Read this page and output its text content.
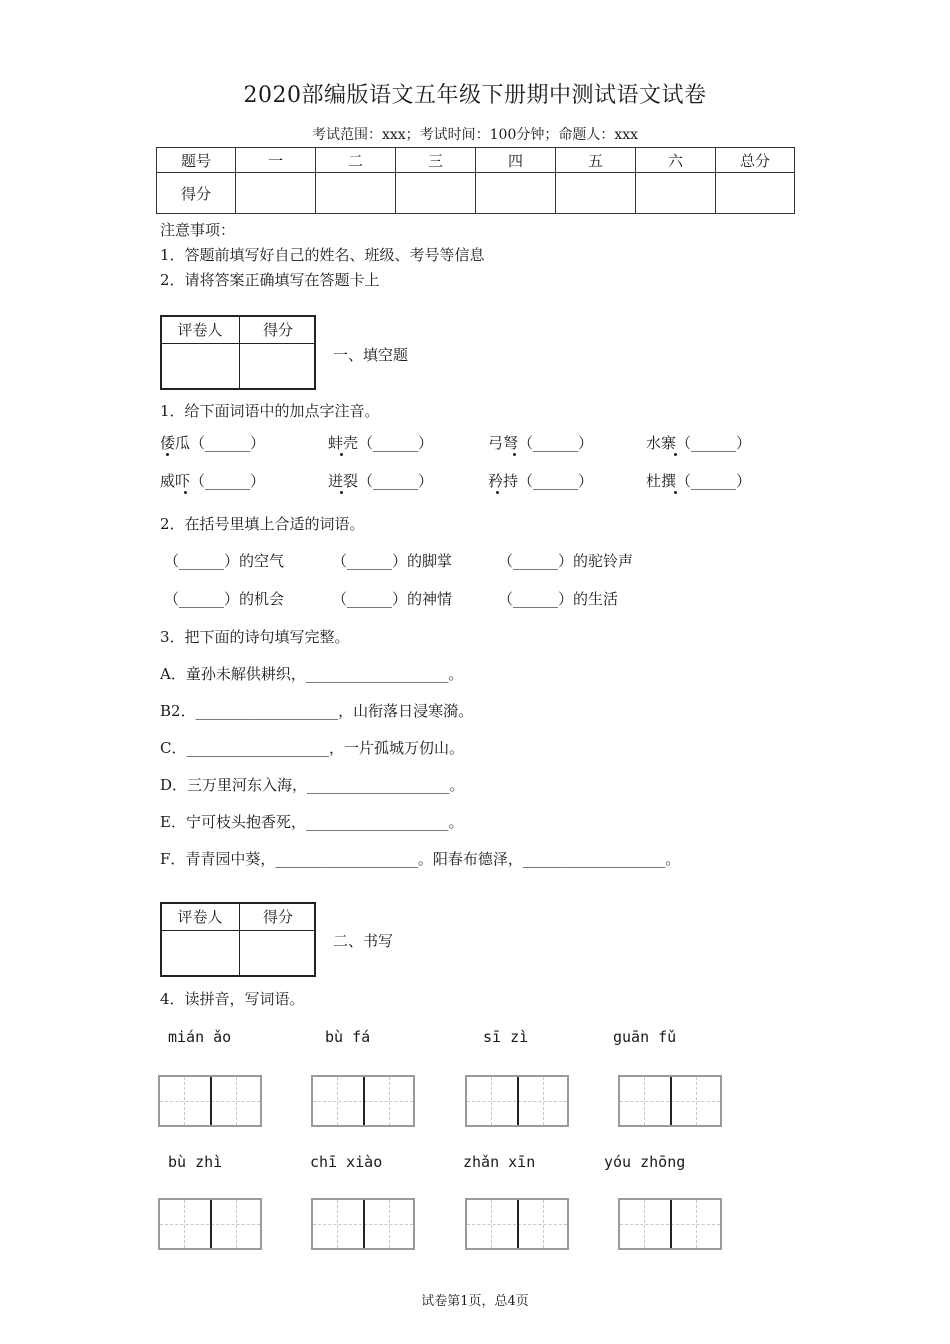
2020部编版语文五年级下册期中测试语文试卷
考试范围：xxx；考试时间：100分钟；命题人：xxx
题号	一	二	三	四	五	六	总分
得分							
注意事项：
1．答题前填写好自己的姓名、班级、考号等信息
2．请将答案正确填写在答题卡上
评卷人	得分
一、填空题
1．给下面词语中的加点字注音。
倭瓜（______）	蚌壳（______）	弓弩（______）	水寨（______）
威吓（______）	迸裂（______）	矜持（______）	杜撰（______）
2．在括号里填上合适的词语。
（______）的空气	（______）的脚掌	（______）的驼铃声
（______）的机会	（______）的神情	（______）的生活
3．把下面的诗句填写完整。
A．童孙未解供耕织，___________________。
B2．___________________，山衔落日浸寒漪。
C．___________________，一片孤城万仞山。
D．三万里河东入海，___________________。
E．宁可枝头抱香死，___________________。
F．青青园中葵，___________________。阳春布德泽，___________________。
评卷人	得分
二、书写
4．读拼音，写词语。
mián ǎo	bù fá	sī zì	guān fǔ
bù zhì	chī xiào	zhǎn xīn	yóu zhōng
试卷第1页，总4页
